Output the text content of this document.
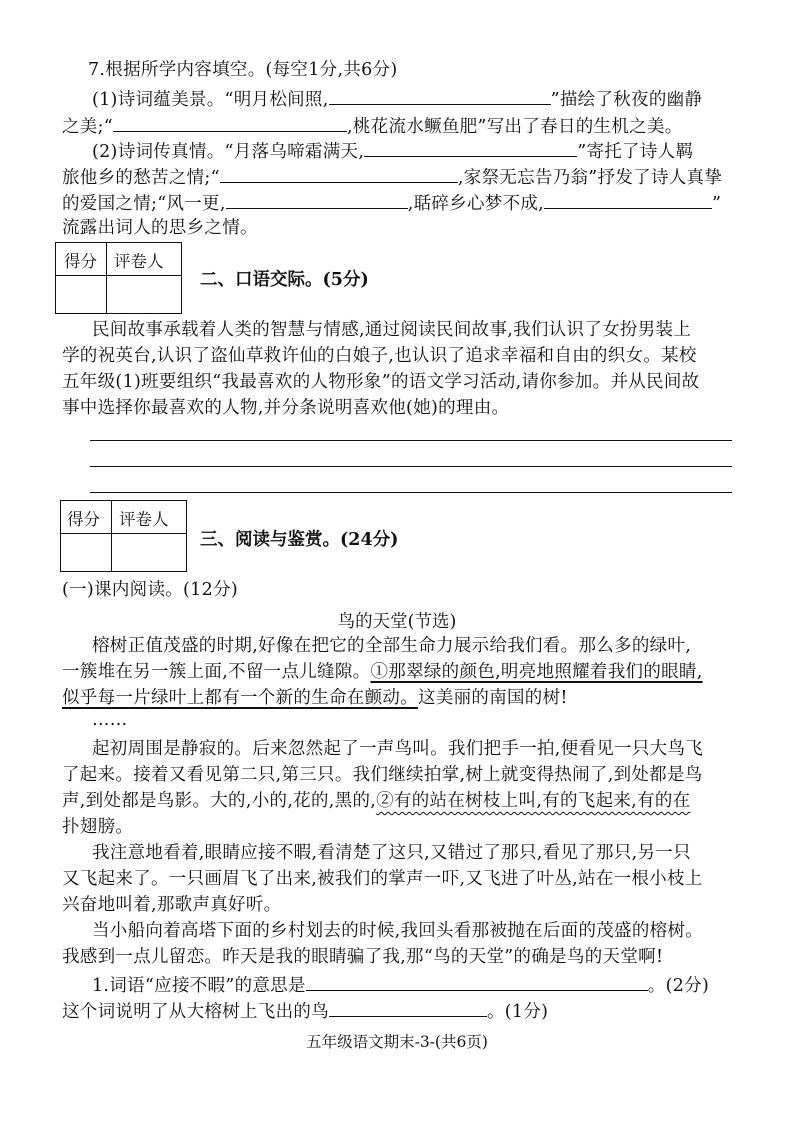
7.根据所学内容填空。(每空1分,共6分)
(1)诗词蕴美景。“明月松间照,	”描绘了秋夜的幽静
之美;“	,桃花流水鳜鱼肥”写出了春日的生机之美。
(2)诗词传真情。“月落乌啼霜满天,	”寄托了诗人羁
旅他乡的愁苦之情;“	,家祭无忘告乃翁”抒发了诗人真挚
的爱国之情;“风一更,	,聒碎乡心梦不成,	”
流露出词人的思乡之情。
得分 评卷人
二、口语交际。(5分)
民间故事承载着人类的智慧与情感,通过阅读民间故事,我们认识了女扮男装上
学的祝英台,认识了盗仙草救许仙的白娘子,也认识了追求幸福和自由的织女。某校
五年级(1)班要组织“我最喜欢的人物形象”的语文学习活动,请你参加。并从民间故
事中选择你最喜欢的人物,并分条说明喜欢他(她)的理由。
得分 评卷人
三、阅读与鉴赏。(24分)
(一)课内阅读。(12分)
鸟的天堂(节选)
榕树正值茂盛的时期,好像在把它的全部生命力展示给我们看。那么多的绿叶,
一簇堆在另一簇上面,不留一点儿缝隙。①那翠绿的颜色,明亮地照耀着我们的眼睛,
似乎每一片绿叶上都有一个新的生命在颤动。这美丽的南国的树!
……
起初周围是静寂的。后来忽然起了一声鸟叫。我们把手一拍,便看见一只大鸟飞
了起来。接着又看见第二只,第三只。我们继续拍掌,树上就变得热闹了,到处都是鸟
声,到处都是鸟影。大的,小的,花的,黑的,②有的站在树枝上叫,有的飞起来,有的在
扑翅膀。
我注意地看着,眼睛应接不暇,看清楚了这只,又错过了那只,看见了那只,另一只
又飞起来了。一只画眉飞了出来,被我们的掌声一吓,又飞进了叶丛,站在一根小枝上
兴奋地叫着,那歌声真好听。
当小船向着高塔下面的乡村划去的时候,我回头看那被抛在后面的茂盛的榕树。
我感到一点儿留恋。昨天是我的眼睛骗了我,那“鸟的天堂”的确是鸟的天堂啊!
1.词语“应接不暇”的意思是	。(2分)
这个词说明了从大榕树上飞出的鸟	。(1分)
五年级语文期末-3-(共6页)
